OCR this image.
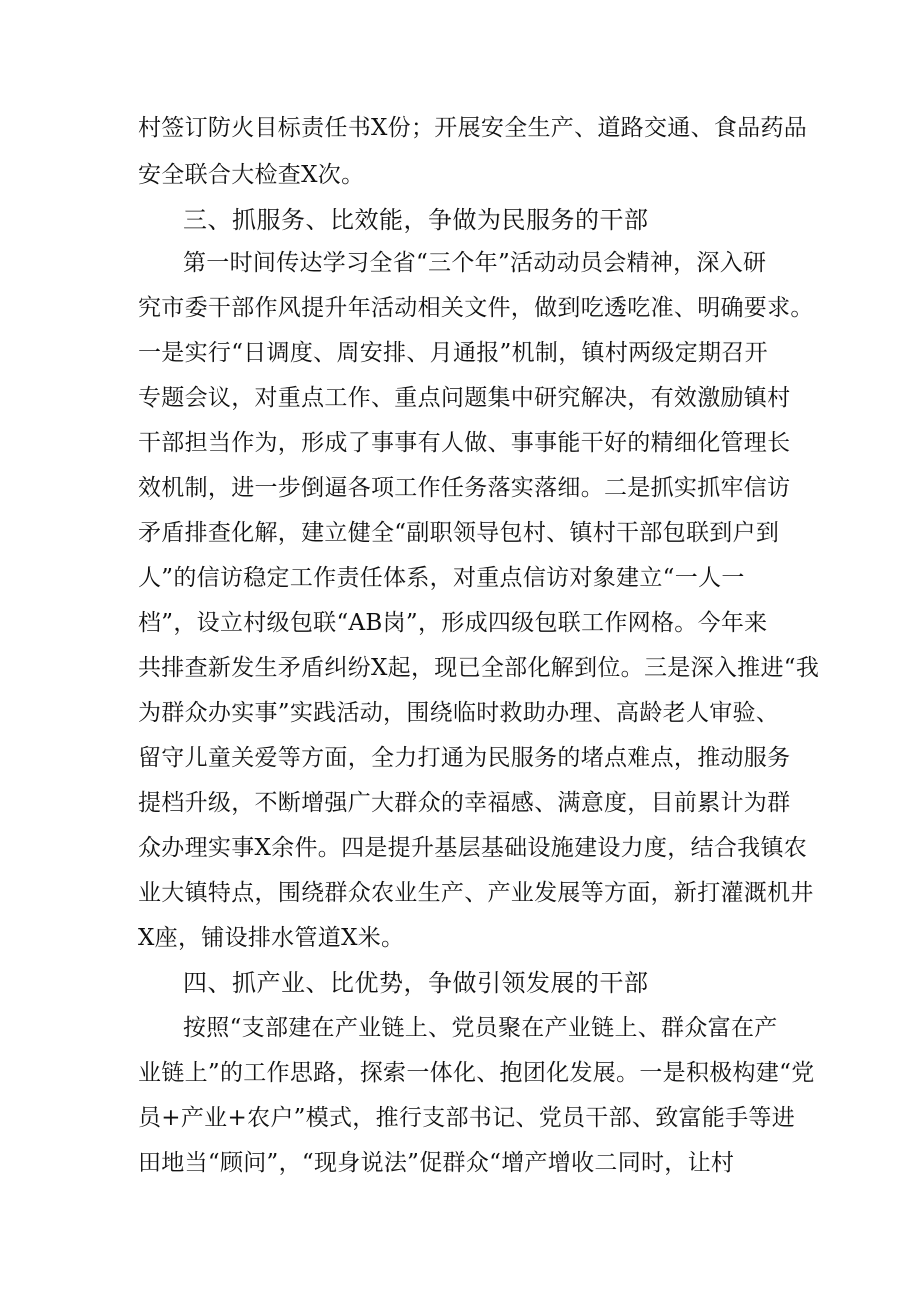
村签订防火目标责任书X份；开展安全生产、道路交通、食品药品
安全联合大检查X次。
三、抓服务、比效能，争做为民服务的干部
第一时间传达学习全省“三个年”活动动员会精神，深入研
究市委干部作风提升年活动相关文件，做到吃透吃准、明确要求。
一是实行“日调度、周安排、月通报”机制，镇村两级定期召开
专题会议，对重点工作、重点问题集中研究解决，有效激励镇村
干部担当作为，形成了事事有人做、事事能干好的精细化管理长
效机制，进一步倒逼各项工作任务落实落细。二是抓实抓牢信访
矛盾排查化解，建立健全“副职领导包村、镇村干部包联到户到
人”的信访稳定工作责任体系，对重点信访对象建立“一人一
档”，设立村级包联“AB岗”，形成四级包联工作网格。今年来
共排查新发生矛盾纠纷X起，现已全部化解到位。三是深入推进“我
为群众办实事”实践活动，围绕临时救助办理、高龄老人审验、
留守儿童关爱等方面，全力打通为民服务的堵点难点，推动服务
提档升级，不断增强广大群众的幸福感、满意度，目前累计为群
众办理实事X余件。四是提升基层基础设施建设力度，结合我镇农
业大镇特点，围绕群众农业生产、产业发展等方面，新打灌溉机井
X座，铺设排水管道X米。
四、抓产业、比优势，争做引领发展的干部
按照“支部建在产业链上、党员聚在产业链上、群众富在产
业链上”的工作思路，探索一体化、抱团化发展。一是积极构建“党
员+产业+农户”模式，推行支部书记、党员干部、致富能手等进
田地当“顾问”，“现身说法”促群众“增产增收二同时，让村
